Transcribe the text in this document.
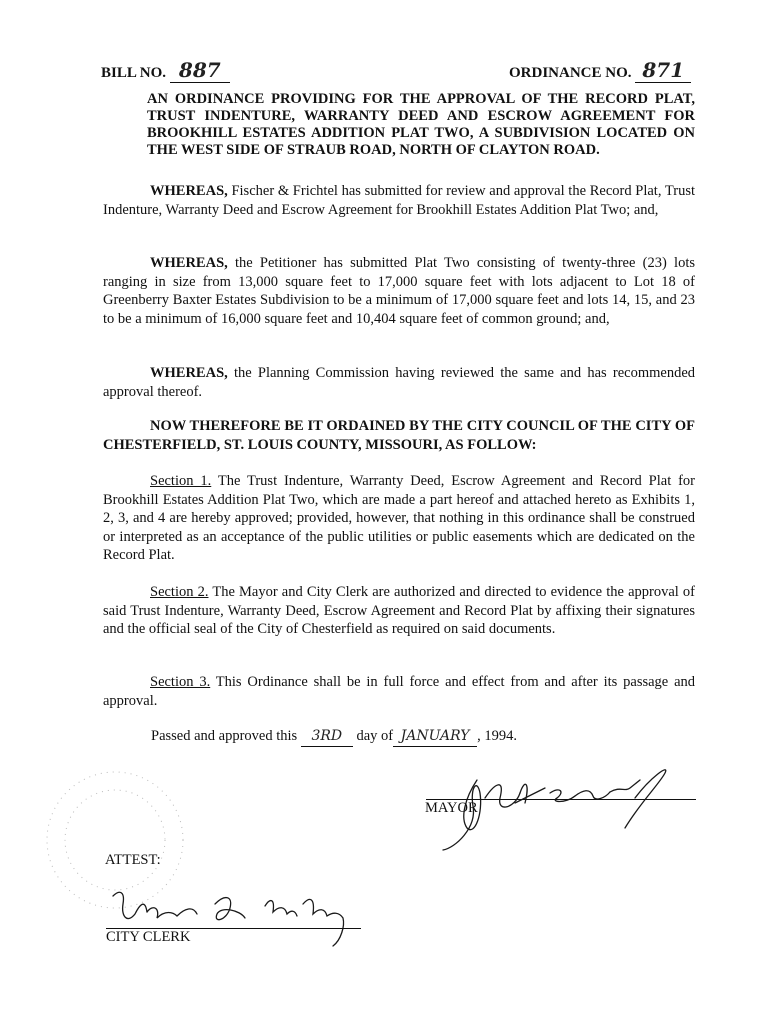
BILL NO. 887	ORDINANCE NO. 871
AN ORDINANCE PROVIDING FOR THE APPROVAL OF THE RECORD PLAT, TRUST INDENTURE, WARRANTY DEED AND ESCROW AGREEMENT FOR BROOKHILL ESTATES ADDITION PLAT TWO, A SUBDIVISION LOCATED ON THE WEST SIDE OF STRAUB ROAD, NORTH OF CLAYTON ROAD.
WHEREAS, Fischer & Frichtel has submitted for review and approval the Record Plat, Trust Indenture, Warranty Deed and Escrow Agreement for Brookhill Estates Addition Plat Two; and,
WHEREAS, the Petitioner has submitted Plat Two consisting of twenty-three (23) lots ranging in size from 13,000 square feet to 17,000 square feet with lots adjacent to Lot 18 of Greenberry Baxter Estates Subdivision to be a minimum of 17,000 square feet and lots 14, 15, and 23 to be a minimum of 16,000 square feet and 10,404 square feet of common ground; and,
WHEREAS, the Planning Commission having reviewed the same and has recommended approval thereof.
NOW THEREFORE BE IT ORDAINED BY THE CITY COUNCIL OF THE CITY OF CHESTERFIELD, ST. LOUIS COUNTY, MISSOURI, AS FOLLOW:
Section 1. The Trust Indenture, Warranty Deed, Escrow Agreement and Record Plat for Brookhill Estates Addition Plat Two, which are made a part hereof and attached hereto as Exhibits 1, 2, 3, and 4 are hereby approved; provided, however, that nothing in this ordinance shall be construed or interpreted as an acceptance of the public utilities or public easements which are dedicated on the Record Plat.
Section 2. The Mayor and City Clerk are authorized and directed to evidence the approval of said Trust Indenture, Warranty Deed, Escrow Agreement and Record Plat by affixing their signatures and the official seal of the City of Chesterfield as required on said documents.
Section 3. This Ordinance shall be in full force and effect from and after its passage and approval.
Passed and approved this 3RD day of JANUARY , 1994.
MAYOR
ATTEST:
CITY CLERK
